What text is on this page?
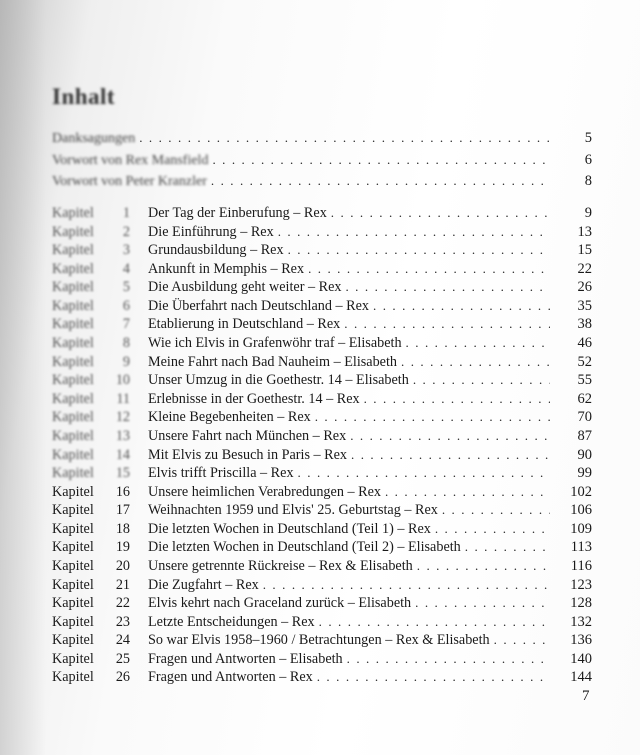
Inhalt
Danksagungen . . .	5
Vorwort von Rex Mansfield . . .	6
Vorwort von Peter Kranzler . . .	8
Kapitel	1 Der Tag der Einberufung – Rex . . .	9
Kapitel	2 Die Einführung – Rex . . .	13
Kapitel	3 Grundausbildung – Rex . . .	15
Kapitel	4 Ankunft in Memphis – Rex . . .	22
Kapitel	5 Die Ausbildung geht weiter – Rex . . .	26
Kapitel	6 Die Überfahrt nach Deutschland – Rex . . .	35
Kapitel	7 Etablierung in Deutschland – Rex . . .	38
Kapitel	8 Wie ich Elvis in Grafenwöhr traf – Elisabeth . . .	46
Kapitel	9 Meine Fahrt nach Bad Nauheim – Elisabeth . . .	52
Kapitel	10 Unser Umzug in die Goethestr. 14 – Elisabeth . . .	55
Kapitel	11 Erlebnisse in der Goethestr. 14 – Rex . . .	62
Kapitel	12 Kleine Begebenheiten – Rex . . .	70
Kapitel	13 Unsere Fahrt nach München – Rex . . .	87
Kapitel	14 Mit Elvis zu Besuch in Paris – Rex . . .	90
Kapitel	15 Elvis trifft Priscilla – Rex . . .	99
Kapitel	16 Unsere heimlichen Verabredungen – Rex . . .	102
Kapitel	17 Weihnachten 1959 und Elvis' 25. Geburtstag – Rex . . .	106
Kapitel	18 Die letzten Wochen in Deutschland (Teil 1) – Rex . . .	109
Kapitel	19 Die letzten Wochen in Deutschland (Teil 2) – Elisabeth . . .	113
Kapitel	20 Unsere getrennte Rückreise – Rex & Elisabeth . . .	116
Kapitel	21 Die Zugfahrt – Rex . . .	123
Kapitel	22 Elvis kehrt nach Graceland zurück – Elisabeth . . .	128
Kapitel	23 Letzte Entscheidungen – Rex . . .	132
Kapitel	24 So war Elvis 1958–1960 / Betrachtungen – Rex & Elisabeth . . .	136
Kapitel	25 Fragen und Antworten – Elisabeth . . .	140
Kapitel	26 Fragen und Antworten – Rex . . .	144
7
